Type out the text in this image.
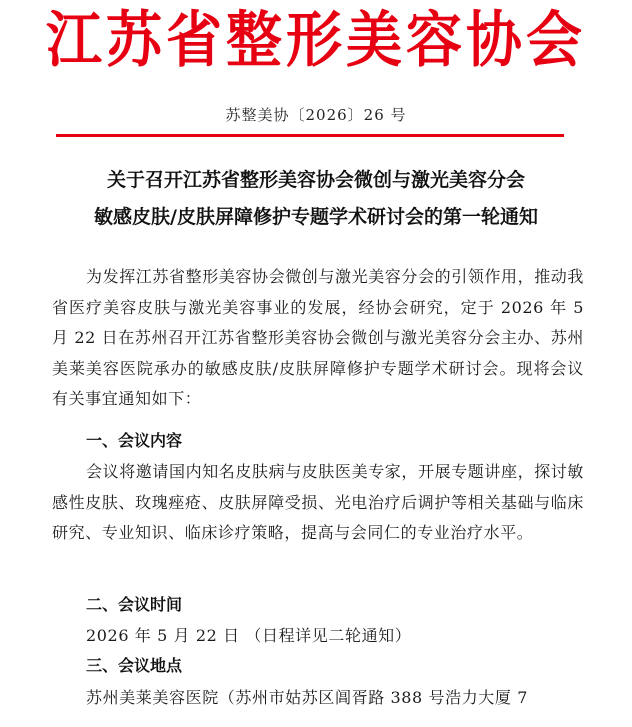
江苏省整形美容协会
苏整美协〔2026〕26 号
关于召开江苏省整形美容协会微创与激光美容分会
敏感皮肤/皮肤屏障修护专题学术研讨会的第一轮通知
为发挥江苏省整形美容协会微创与激光美容分会的引领作用，推动我省医疗美容皮肤与激光美容事业的发展，经协会研究，定于 2026 年 5 月 22 日在苏州召开江苏省整形美容协会微创与激光美容分会主办、苏州美莱美容医院承办的敏感皮肤/皮肤屏障修护专题学术研讨会。现将会议有关事宜通知如下：
一、会议内容
会议将邀请国内知名皮肤病与皮肤医美专家，开展专题讲座，探讨敏感性皮肤、玫瑰痤疮、皮肤屏障受损、光电治疗后调护等相关基础与临床研究、专业知识、临床诊疗策略，提高与会同仁的专业治疗水平。
二、会议时间
2026 年 5 月 22 日 （日程详见二轮通知）
三、会议地点
苏州美莱美容医院（苏州市姑苏区阊胥路 388 号浩力大厦 7
